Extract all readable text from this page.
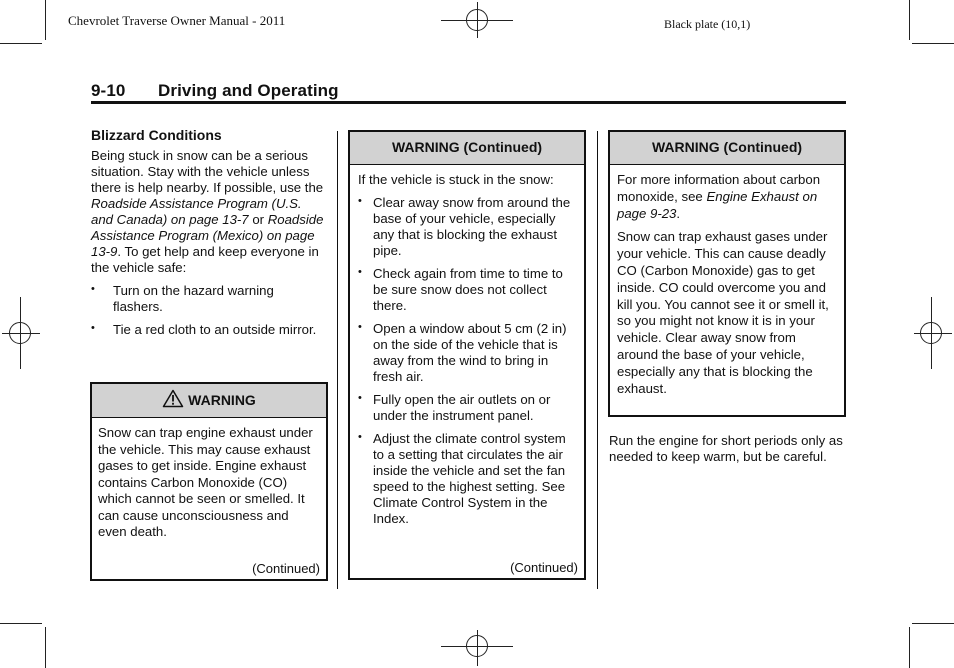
Chevrolet Traverse Owner Manual - 2011	Black plate (10,1)
9-10 Driving and Operating
Blizzard Conditions

Being stuck in snow can be a serious situation. Stay with the vehicle unless there is help nearby. If possible, use the Roadside Assistance Program (U.S. and Canada) on page 13-7 or Roadside Assistance Program (Mexico) on page 13-9. To get help and keep everyone in the vehicle safe:

• Turn on the hazard warning flashers.
• Tie a red cloth to an outside mirror.
WARNING
Snow can trap engine exhaust under the vehicle. This may cause exhaust gases to get inside. Engine exhaust contains Carbon Monoxide (CO) which cannot be seen or smelled. It can cause unconsciousness and even death.
(Continued)
WARNING (Continued)

If the vehicle is stuck in the snow:

• Clear away snow from around the base of your vehicle, especially any that is blocking the exhaust pipe.
• Check again from time to time to be sure snow does not collect there.
• Open a window about 5 cm (2 in) on the side of the vehicle that is away from the wind to bring in fresh air.
• Fully open the air outlets on or under the instrument panel.
• Adjust the climate control system to a setting that circulates the air inside the vehicle and set the fan speed to the highest setting. See Climate Control System in the Index.
(Continued)
WARNING (Continued)

For more information about carbon monoxide, see Engine Exhaust on page 9-23.

Snow can trap exhaust gases under your vehicle. This can cause deadly CO (Carbon Monoxide) gas to get inside. CO could overcome you and kill you. You cannot see it or smell it, so you might not know it is in your vehicle. Clear away snow from around the base of your vehicle, especially any that is blocking the exhaust.

Run the engine for short periods only as needed to keep warm, but be careful.
